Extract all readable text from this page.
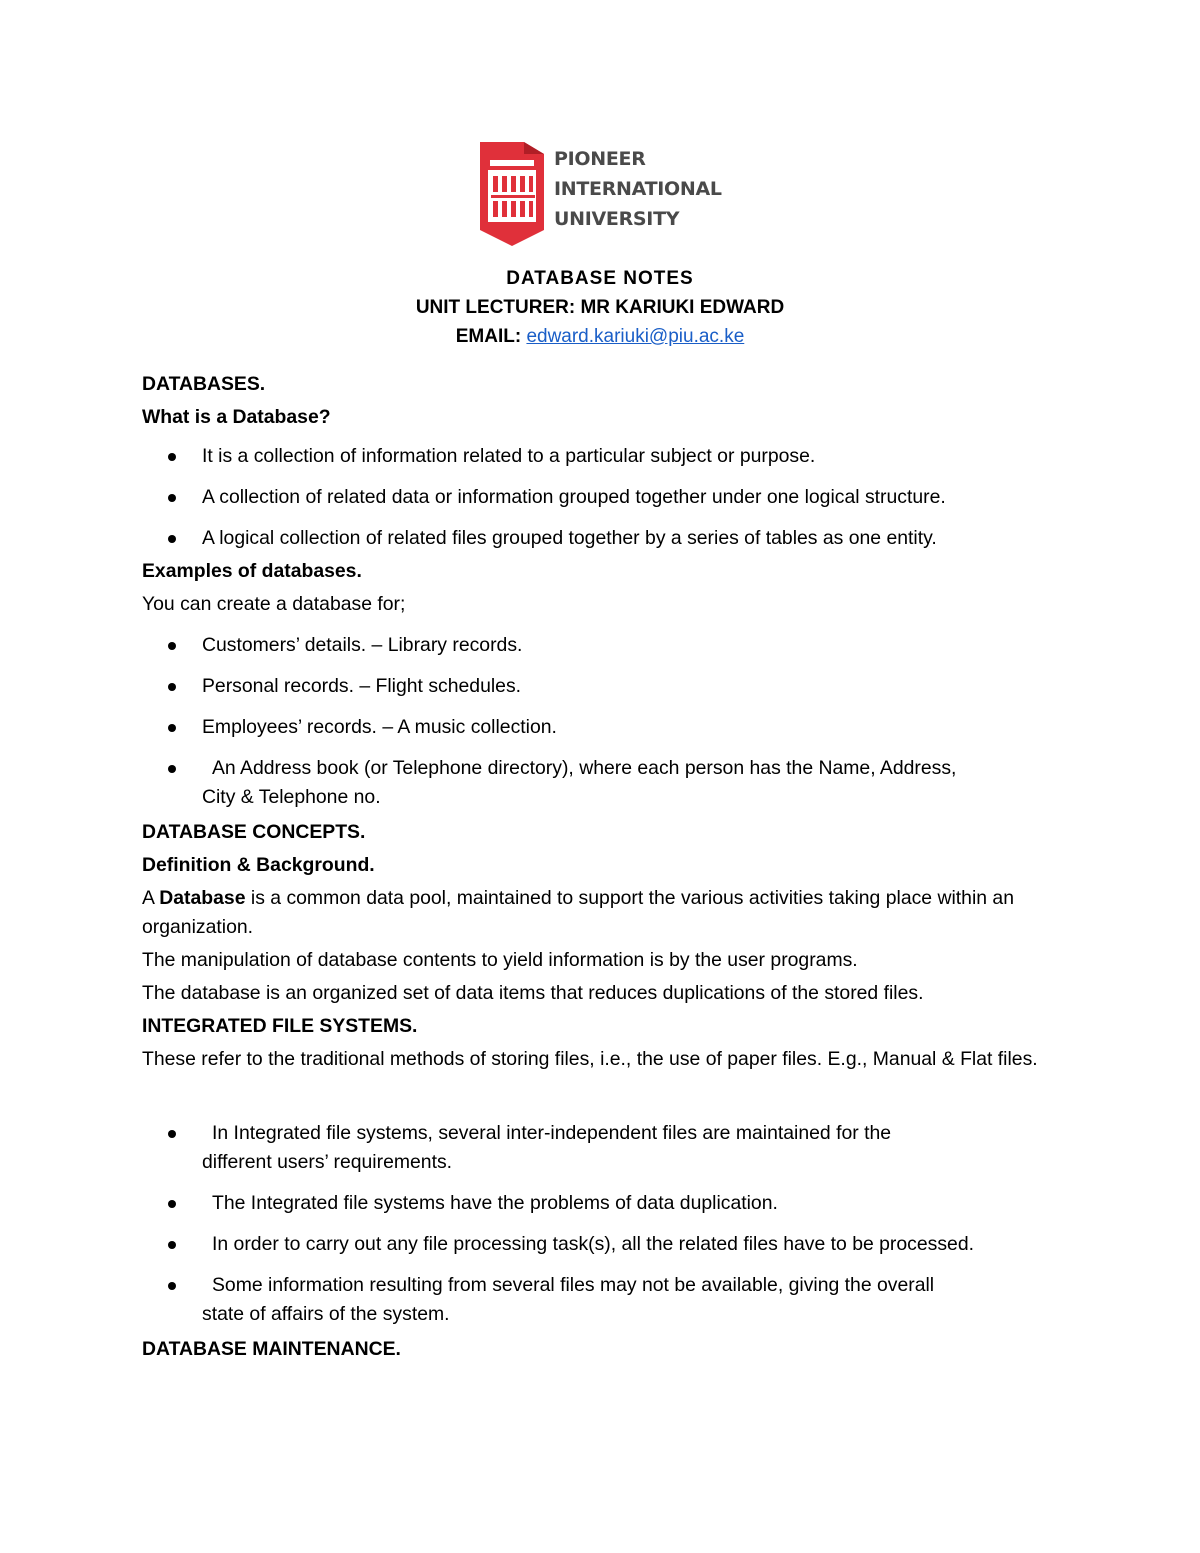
PIONEER
INTERNATIONAL
UNIVERSITY
DATABASE NOTES
UNIT LECTURER: MR KARIUKI EDWARD
EMAIL: edward.kariuki@piu.ac.ke

DATABASES.

What is a Database?

It is a collection of information related to a particular subject or purpose.
A collection of related data or information grouped together under one logical structure.
A logical collection of related files grouped together by a series of tables as one entity.

Examples of databases.

You can create a database for;

Customers’ details. – Library records.
Personal records. – Flight schedules.
Employees’ records. – A music collection.
An Address book (or Telephone directory), where each person has the Name, Address,
City & Telephone no.

DATABASE CONCEPTS.

Definition & Background.

A Database is a common data pool, maintained to support the various activities taking place within an organization.

The manipulation of database contents to yield information is by the user programs.

The database is an organized set of data items that reduces duplications of the stored files.

INTEGRATED FILE SYSTEMS.

These refer to the traditional methods of storing files, i.e., the use of paper files. E.g., Manual & Flat files.

In Integrated file systems, several inter-independent files are maintained for the
different users’ requirements.
The Integrated file systems have the problems of data duplication.
In order to carry out any file processing task(s), all the related files have to be processed.
Some information resulting from several files may not be available, giving the overall
state of affairs of the system.

DATABASE MAINTENANCE.
